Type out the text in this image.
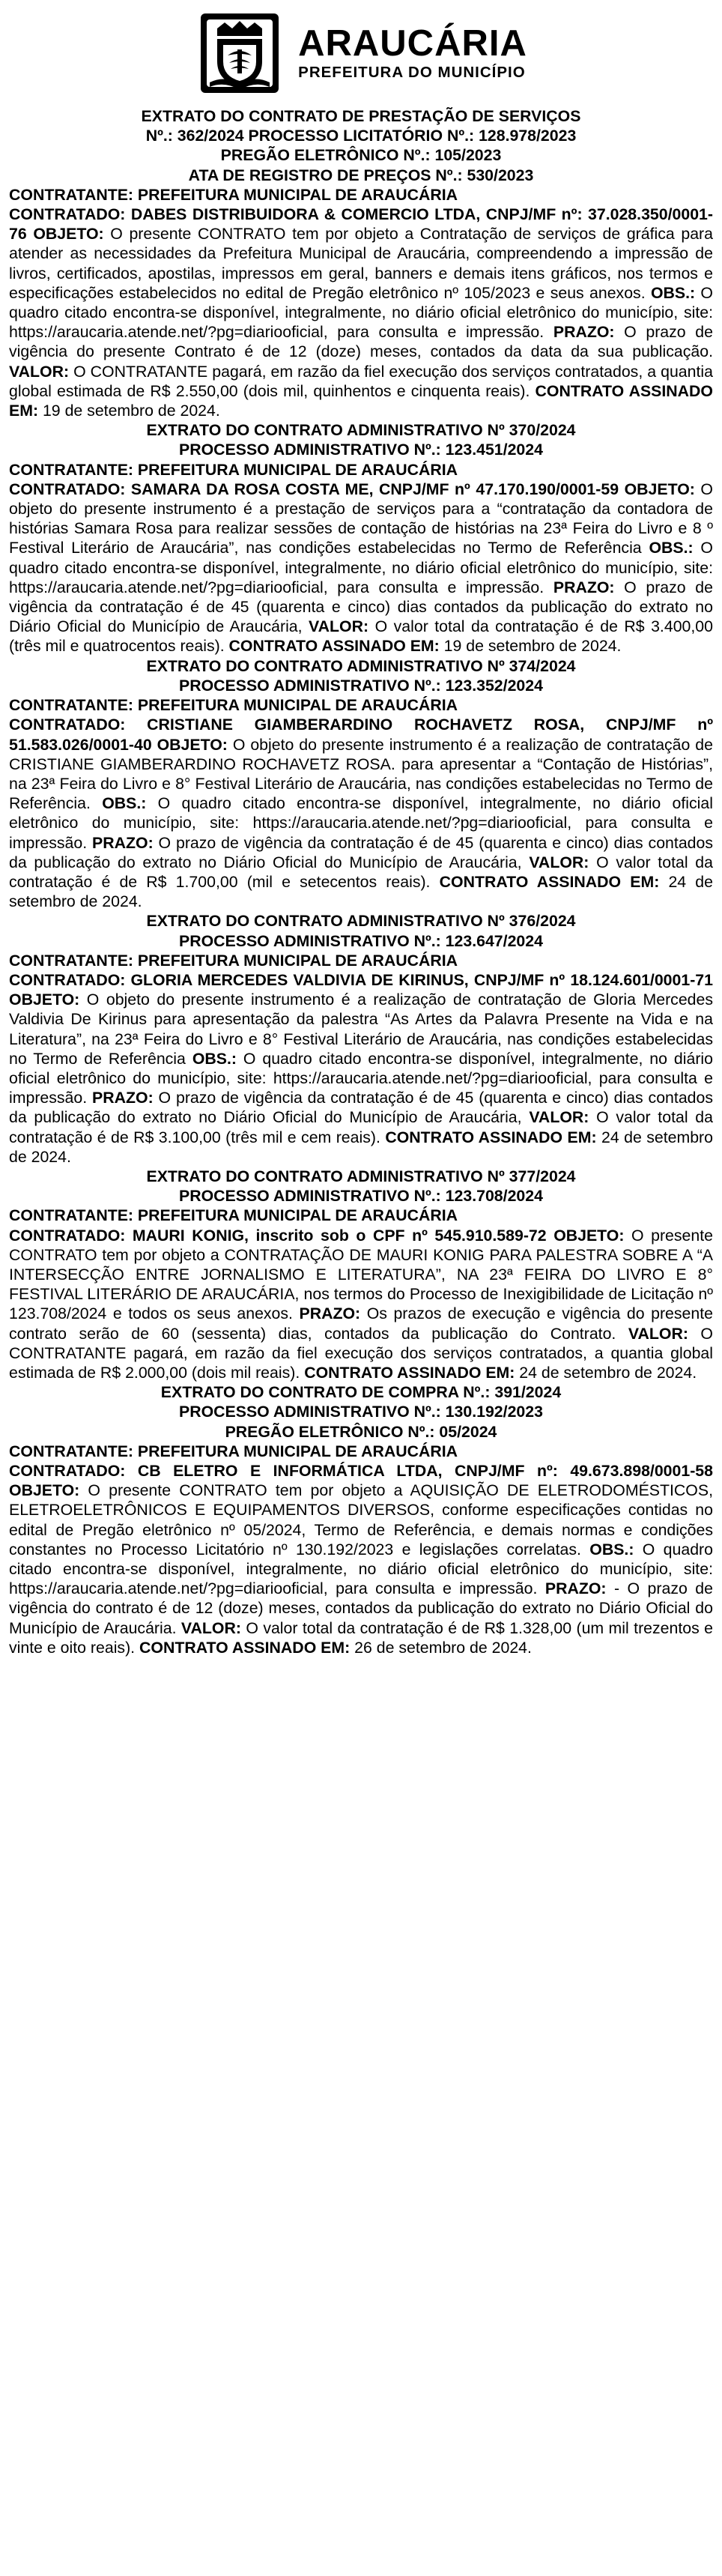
ARAUCÁRIA
PREFEITURA DO MUNICÍPIO

EXTRATO DO CONTRATO DE PRESTAÇÃO DE SERVIÇOS

Nº.: 362/2024 PROCESSO LICITATÓRIO Nº.: 128.978/2023

PREGÃO ELETRÔNICO Nº.: 105/2023

ATA DE REGISTRO DE PREÇOS Nº.: 530/2023

CONTRATANTE: PREFEITURA MUNICIPAL DE ARAUCÁRIA

CONTRATADO: DABES DISTRIBUIDORA & COMERCIO LTDA, CNPJ/MF nº: 37.028.350/0001-76 OBJETO: O presente CONTRATO tem por objeto a Contratação de serviços de gráfica para atender as necessidades da Prefeitura Municipal de Araucária, compreendendo a impressão de livros, certificados, apostilas, impressos em geral, banners e demais itens gráficos, nos termos e especificações estabelecidos no edital de Pregão eletrônico nº 105/2023 e seus anexos. OBS.: O quadro citado encontra-se disponível, integralmente, no diário oficial eletrônico do município, site: https://araucaria.atende.net/?pg=diariooficial, para consulta e impressão. PRAZO: O prazo de vigência do presente Contrato é de 12 (doze) meses, contados da data da sua publicação. VALOR: O CONTRATANTE pagará, em razão da fiel execução dos serviços contratados, a quantia global estimada de R$ 2.550,00 (dois mil, quinhentos e cinquenta reais). CONTRATO ASSINADO EM: 19 de setembro de 2024.

EXTRATO DO CONTRATO ADMINISTRATIVO Nº 370/2024

PROCESSO ADMINISTRATIVO Nº.: 123.451/2024

CONTRATANTE: PREFEITURA MUNICIPAL DE ARAUCÁRIA

CONTRATADO: SAMARA DA ROSA COSTA ME, CNPJ/MF nº 47.170.190/0001-59 OBJETO: O objeto do presente instrumento é a prestação de serviços para a “contratação da contadora de histórias Samara Rosa para realizar sessões de contação de histórias na 23ª Feira do Livro e 8 º Festival Literário de Araucária”, nas condições estabelecidas no Termo de Referência OBS.: O quadro citado encontra-se disponível, integralmente, no diário oficial eletrônico do município, site: https://araucaria.atende.net/?pg=diariooficial, para consulta e impressão. PRAZO: O prazo de vigência da contratação é de 45 (quarenta e cinco) dias contados da publicação do extrato no Diário Oficial do Município de Araucária, VALOR: O valor total da contratação é de R$ 3.400,00 (três mil e quatrocentos reais). CONTRATO ASSINADO EM: 19 de setembro de 2024.

EXTRATO DO CONTRATO ADMINISTRATIVO Nº 374/2024

PROCESSO ADMINISTRATIVO Nº.: 123.352/2024

CONTRATANTE: PREFEITURA MUNICIPAL DE ARAUCÁRIA

CONTRATADO: CRISTIANE GIAMBERARDINO ROCHAVETZ ROSA, CNPJ/MF nº 51.583.026/0001-40 OBJETO: O objeto do presente instrumento é a realização de contratação de CRISTIANE GIAMBERARDINO ROCHAVETZ ROSA. para apresentar a “Contação de Histórias”, na 23ª Feira do Livro e 8° Festival Literário de Araucária, nas condições estabelecidas no Termo de Referência. OBS.: O quadro citado encontra-se disponível, integralmente, no diário oficial eletrônico do município, site: https://araucaria.atende.net/?pg=diariooficial, para consulta e impressão. PRAZO: O prazo de vigência da contratação é de 45 (quarenta e cinco) dias contados da publicação do extrato no Diário Oficial do Município de Araucária, VALOR: O valor total da contratação é de R$ 1.700,00 (mil e setecentos reais). CONTRATO ASSINADO EM: 24 de setembro de 2024.

EXTRATO DO CONTRATO ADMINISTRATIVO Nº 376/2024

PROCESSO ADMINISTRATIVO Nº.: 123.647/2024

CONTRATANTE: PREFEITURA MUNICIPAL DE ARAUCÁRIA

CONTRATADO: GLORIA MERCEDES VALDIVIA DE KIRINUS, CNPJ/MF nº 18.124.601/0001-71 OBJETO: O objeto do presente instrumento é a realização de contratação de Gloria Mercedes Valdivia De Kirinus para apresentação da palestra “As Artes da Palavra Presente na Vida e na Literatura”, na 23ª Feira do Livro e 8° Festival Literário de Araucária, nas condições estabelecidas no Termo de Referência OBS.: O quadro citado encontra-se disponível, integralmente, no diário oficial eletrônico do município, site: https://araucaria.atende.net/?pg=diariooficial, para consulta e impressão. PRAZO: O prazo de vigência da contratação é de 45 (quarenta e cinco) dias contados da publicação do extrato no Diário Oficial do Município de Araucária, VALOR: O valor total da contratação é de R$ 3.100,00 (três mil e cem reais). CONTRATO ASSINADO EM: 24 de setembro de 2024.

EXTRATO DO CONTRATO ADMINISTRATIVO Nº 377/2024

PROCESSO ADMINISTRATIVO Nº.: 123.708/2024

CONTRATANTE: PREFEITURA MUNICIPAL DE ARAUCÁRIA

CONTRATADO: MAURI KONIG, inscrito sob o CPF nº 545.910.589-72 OBJETO: O presente CONTRATO tem por objeto a CONTRATAÇÃO DE MAURI KONIG PARA PALESTRA SOBRE A “A INTERSECÇÃO ENTRE JORNALISMO E LITERATURA”, NA 23ª FEIRA DO LIVRO E 8° FESTIVAL LITERÁRIO DE ARAUCÁRIA, nos termos do Processo de Inexigibilidade de Licitação nº 123.708/2024 e todos os seus anexos. PRAZO: Os prazos de execução e vigência do presente contrato serão de 60 (sessenta) dias, contados da publicação do Contrato. VALOR: O CONTRATANTE pagará, em razão da fiel execução dos serviços contratados, a quantia global estimada de R$ 2.000,00 (dois mil reais). CONTRATO ASSINADO EM: 24 de setembro de 2024.

EXTRATO DO CONTRATO DE COMPRA Nº.: 391/2024

PROCESSO ADMINISTRATIVO Nº.: 130.192/2023

PREGÃO ELETRÔNICO Nº.: 05/2024

CONTRATANTE: PREFEITURA MUNICIPAL DE ARAUCÁRIA

CONTRATADO: CB ELETRO E INFORMÁTICA LTDA, CNPJ/MF nº: 49.673.898/0001-58 OBJETO: O presente CONTRATO tem por objeto a AQUISIÇÃO DE ELETRODOMÉSTICOS, ELETROELETRÔNICOS E EQUIPAMENTOS DIVERSOS, conforme especificações contidas no edital de Pregão eletrônico nº 05/2024, Termo de Referência, e demais normas e condições constantes no Processo Licitatório nº 130.192/2023 e legislações correlatas. OBS.: O quadro citado encontra-se disponível, integralmente, no diário oficial eletrônico do município, site: https://araucaria.atende.net/?pg=diariooficial, para consulta e impressão. PRAZO: - O prazo de vigência do contrato é de 12 (doze) meses, contados da publicação do extrato no Diário Oficial do Município de Araucária. VALOR: O valor total da contratação é de R$ 1.328,00 (um mil trezentos e vinte e oito reais). CONTRATO ASSINADO EM: 26 de setembro de 2024.
